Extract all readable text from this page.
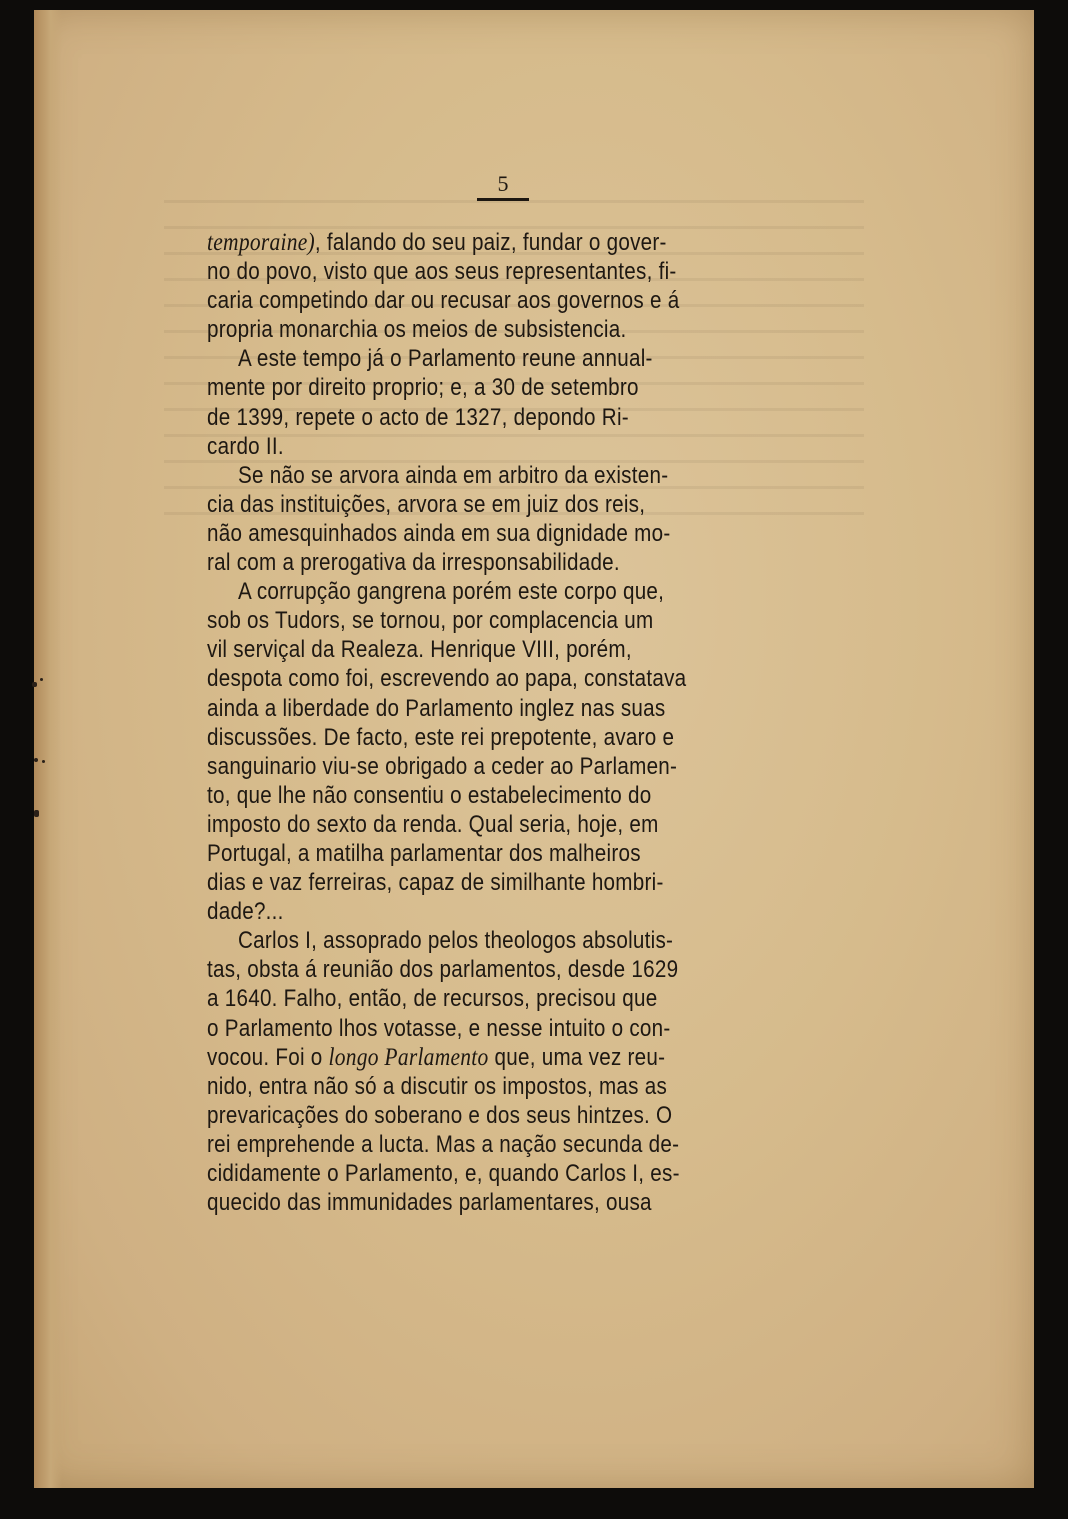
5
temporaine), falando do seu paiz, fundar o gover-
no do povo, visto que aos seus representantes, fi-
caria competindo dar ou recusar aos governos e á
propria monarchia os meios de subsistencia.
A este tempo já o Parlamento reune annual-
mente por direito proprio; e, a 30 de setembro
de 1399, repete o acto de 1327, depondo Ri-
cardo II.
Se não se arvora ainda em arbitro da existen-
cia das instituições, arvora se em juiz dos reis,
não amesquinhados ainda em sua dignidade mo-
ral com a prerogativa da irresponsabilidade.
A corrupção gangrena porém este corpo que,
sob os Tudors, se tornou, por complacencia um
vil serviçal da Realeza. Henrique VIII, porém,
despota como foi, escrevendo ao papa, constatava
ainda a liberdade do Parlamento inglez nas suas
discussões. De facto, este rei prepotente, avaro e
sanguinario viu-se obrigado a ceder ao Parlamen-
to, que lhe não consentiu o estabelecimento do
imposto do sexto da renda. Qual seria, hoje, em
Portugal, a matilha parlamentar dos malheiros
dias e vaz ferreiras, capaz de similhante hombri-
dade?...
Carlos I, assoprado pelos theologos absolutis-
tas, obsta á reunião dos parlamentos, desde 1629
a 1640. Falho, então, de recursos, precisou que
o Parlamento lhos votasse, e nesse intuito o con-
vocou. Foi o longo Parlamento que, uma vez reu-
nido, entra não só a discutir os impostos, mas as
prevaricações do soberano e dos seus hintzes. O
rei emprehende a lucta. Mas a nação secunda de-
cididamente o Parlamento, e, quando Carlos I, es-
quecido das immunidades parlamentares, ousa
